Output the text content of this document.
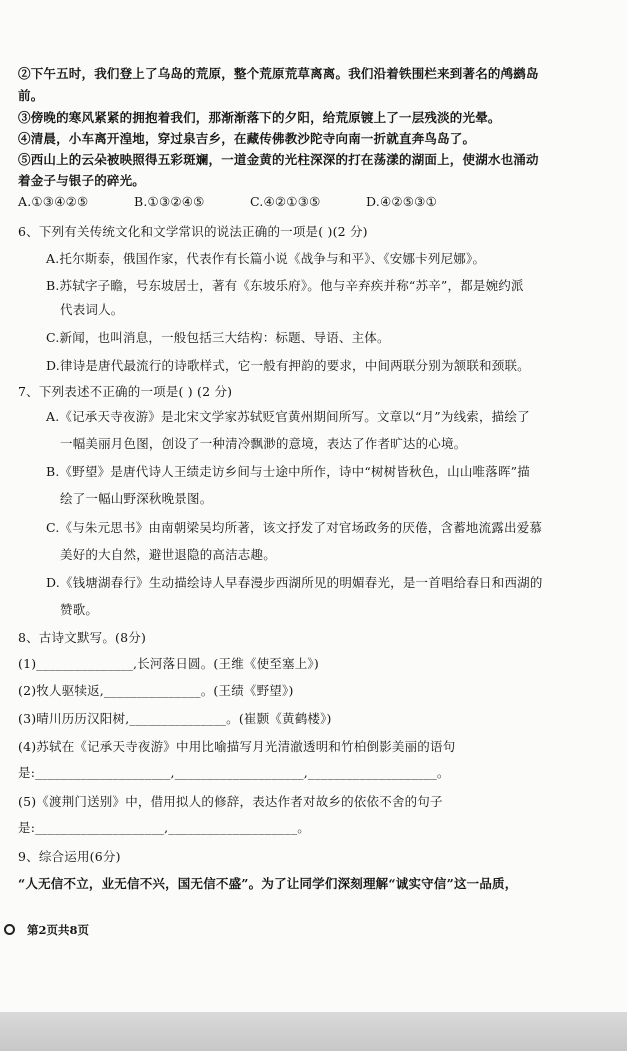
②下午五时，我们登上了乌岛的荒原，整个荒原荒草离离。我们沿着铁围栏来到著名的鸬鹚岛
前。
③傍晚的寒风紧紧的拥抱着我们，那渐渐落下的夕阳，给荒原镀上了一层残淡的光晕。
④清晨，小车离开湟地，穿过泉吉乡，在藏传佛教沙陀寺向南一折就直奔鸟岛了。
⑤西山上的云朵被映照得五彩斑斓，一道金黄的光柱深深的打在荡漾的湖面上，使湖水也涌动
着金子与银子的碎光。
A.①③④②⑤	B.①③②④⑤	C.④②①③⑤	D.④②⑤③①
6、下列有关传统文化和文学常识的说法正确的一项是( )(2 分)
A.托尔斯泰，俄国作家，代表作有长篇小说《战争与和平》、《安娜卡列尼娜》。
B.苏轼字子瞻，号东坡居士，著有《东坡乐府》。他与辛弃疾并称“苏辛”，都是婉约派
代表词人。
C.新闻，也叫消息，一般包括三大结构：标题、导语、主体。
D.律诗是唐代最流行的诗歌样式，它一般有押韵的要求，中间两联分别为颔联和颈联。
7、下列表述不正确的一项是( ) (2 分)
A.《记承天寺夜游》是北宋文学家苏轼贬官黄州期间所写。文章以“月”为线索，描绘了
一幅美丽月色图，创设了一种清冷飘渺的意境，表达了作者旷达的心境。
B.《野望》是唐代诗人王绩走访乡间与士途中所作，诗中“树树皆秋色，山山唯落晖”描
绘了一幅山野深秋晚景图。
C.《与朱元思书》由南朝梁吴均所著，该文抒发了对官场政务的厌倦，含蓄地流露出爱慕
美好的大自然，避世退隐的高洁志趣。
D.《钱塘湖春行》生动描绘诗人早春漫步西湖所见的明媚春光，是一首唱给春日和西湖的
赞歌。
8、古诗文默写。(8分)
(1)_______________,长河落日圆。(王维《使至塞上》)
(2)牧人驱犊返,_______________。(王绩《野望》)
(3)晴川历历汉阳树,_______________。(崔颢《黄鹤楼》)
(4)苏轼在《记承天寺夜游》中用比喻描写月光清澈透明和竹柏倒影美丽的语句
是:_____________________,____________________,____________________。
(5)《渡荆门送别》中，借用拟人的修辞，表达作者对故乡的依依不舍的句子
是:____________________,____________________。
9、综合运用(6分)
“人无信不立，业无信不兴，国无信不盛”。为了让同学们深刻理解“诚实守信”这一品质，
第2页共8页
